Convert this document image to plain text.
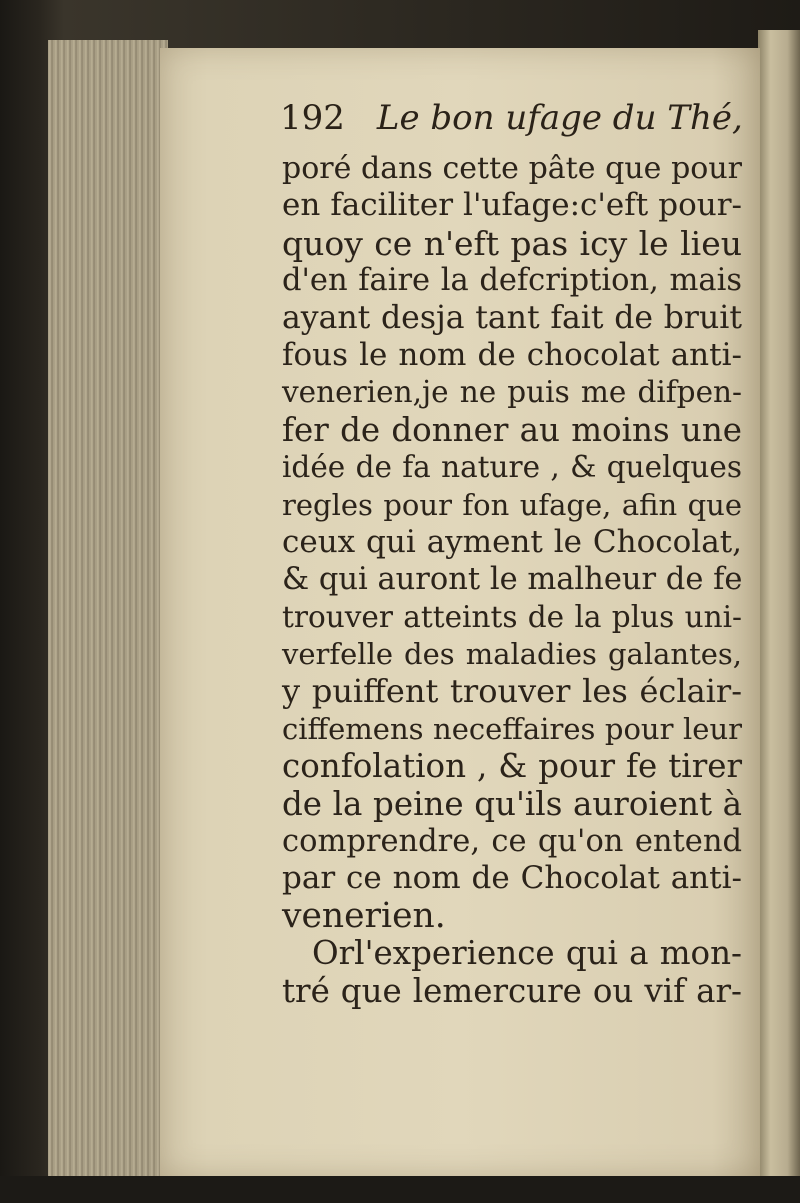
192 Le bon ufage du Thé,
poré dans cette pâte que pour
en faciliter l'ufage:c'eft pour-
quoy ce n'eft pas icy le lieu
d'en faire la defcription, mais
ayant desja tant fait de bruit
fous le nom de chocolat anti-
venerien,je ne puis me difpen-
fer de donner au moins une
idée de fa nature , & quelques
regles pour fon ufage, afin que
ceux qui ayment le Chocolat,
& qui auront le malheur de fe
trouver atteints de la plus uni-
verfelle des maladies galantes,
y puiffent trouver les éclair-
ciffemens neceffaires pour leur
confolation , & pour fe tirer
de la peine qu'ils auroient à
comprendre, ce qu'on entend
par ce nom de Chocolat anti-
venerien.
Orl'experience qui a mon-
tré que lemercure ou vif ar-
